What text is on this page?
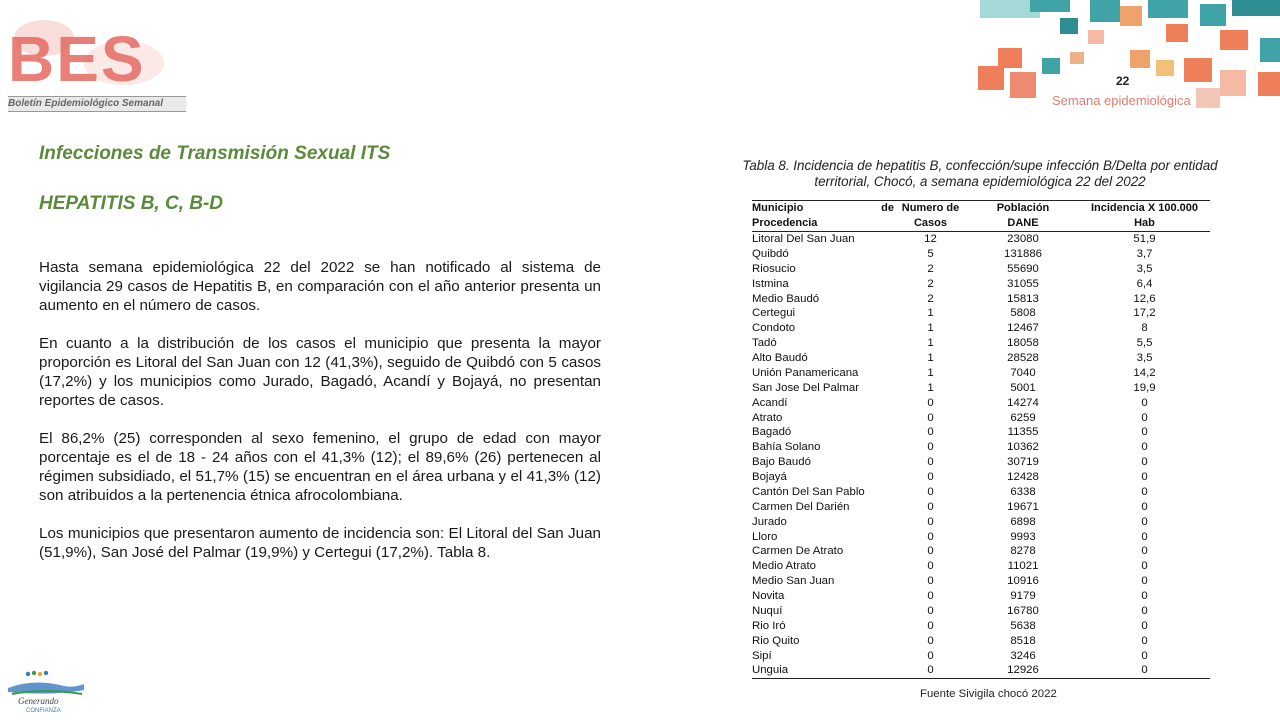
BES
Boletín Epidemiológico Semanal
22
Semana epidemiológica
Infecciones de Transmisión Sexual ITS
HEPATITIS B, C, B-D

Hasta semana epidemiológica 22 del 2022 se han notificado al sistema de vigilancia 29 casos de Hepatitis B, en comparación con el año anterior presenta un aumento en el número de casos.

En cuanto a la distribución de los casos el municipio que presenta la mayor proporción es Litoral del San Juan con 12 (41,3%), seguido de Quibdó con 5 casos (17,2%) y los municipios como Jurado, Bagadó, Acandí y Bojayá, no presentan reportes de casos.

El 86,2% (25) corresponden al sexo femenino, el grupo de edad con mayor porcentaje es el de 18 - 24 años con el 41,3% (12); el 89,6% (26) pertenecen al régimen subsidiado, el 51,7% (15) se encuentran en el área urbana y el 41,3% (12) son atribuidos a la pertenencia étnica afrocolombiana.

Los municipios que presentaron aumento de incidencia son: El Litoral del San Juan (51,9%), San José del Palmar (19,9%) y Certegui (17,2%). Tabla 8.

Tabla 8. Incidencia de hepatitis B, confección/supe infección B/Delta por entidad territorial, Chocó, a semana epidemiológica 22 del 2022
Municipio de	Numero de	Población	Incidencia X 100.000
Procedencia	Casos	DANE	Hab
Litoral Del San Juan	12	23080	51,9
Quibdó	5	131886	3,7
Riosucio	2	55690	3,5
Istmina	2	31055	6,4
Medio Baudó	2	15813	12,6
Certegui	1	5808	17,2
Condoto	1	12467	8
Tadó	1	18058	5,5
Alto Baudó	1	28528	3,5
Unión Panamericana	1	7040	14,2
San Jose Del Palmar	1	5001	19,9
Acandí	0	14274	0
Atrato	0	6259	0
Bagadó	0	11355	0
Bahía Solano	0	10362	0
Bajo Baudó	0	30719	0
Bojayá	0	12428	0
Cantón Del San Pablo	0	6338	0
Carmen Del Darién	0	19671	0
Jurado	0	6898	0
Lloro	0	9993	0
Carmen De Atrato	0	8278	0
Medio Atrato	0	11021	0
Medio San Juan	0	10916	0
Novita	0	9179	0
Nuquí	0	16780	0
Rio Iró	0	5638	0
Rio Quito	0	8518	0
Sipí	0	3246	0
Unguia	0	12926	0
Fuente Sivigila chocó 2022
Generando
CONFIANZA
